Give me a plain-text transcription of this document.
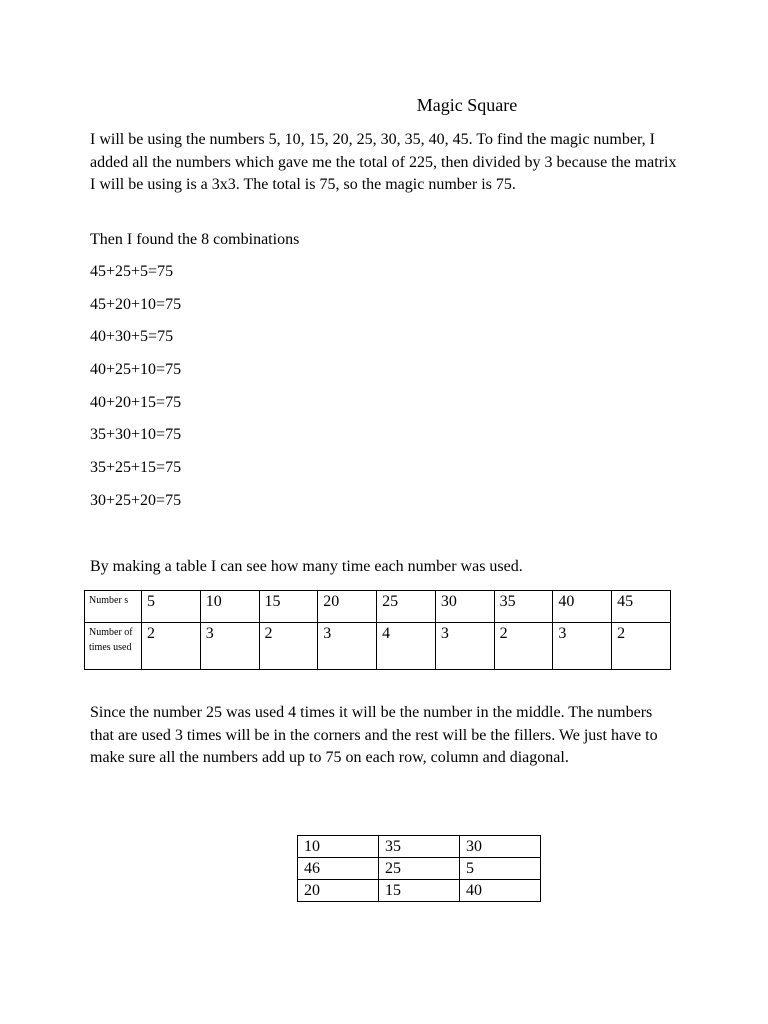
Magic Square

I will be using the numbers 5, 10, 15, 20, 25, 30, 35, 40, 45. To find the magic number, I added all the numbers which gave me the total of 225, then divided by 3 because the matrix I will be using is a 3x3. The total is 75, so the magic number is 75.

Then I found the 8 combinations

45+25+5=75
45+20+10=75
40+30+5=75
40+25+10=75
40+20+15=75
35+30+10=75
35+25+15=75
30+25+20=75

By making a table I can see how many time each number was used.

Number s	5	10	15	20	25	30	35	40	45
Number of times used	2	3	2	3	4	3	2	3	2

Since the number 25 was used 4 times it will be the number in the middle. The numbers that are used 3 times will be in the corners and the rest will be the fillers. We just have to make sure all the numbers add up to 75 on each row, column and diagonal.

10	35	30
46	25	5
20	15	40
